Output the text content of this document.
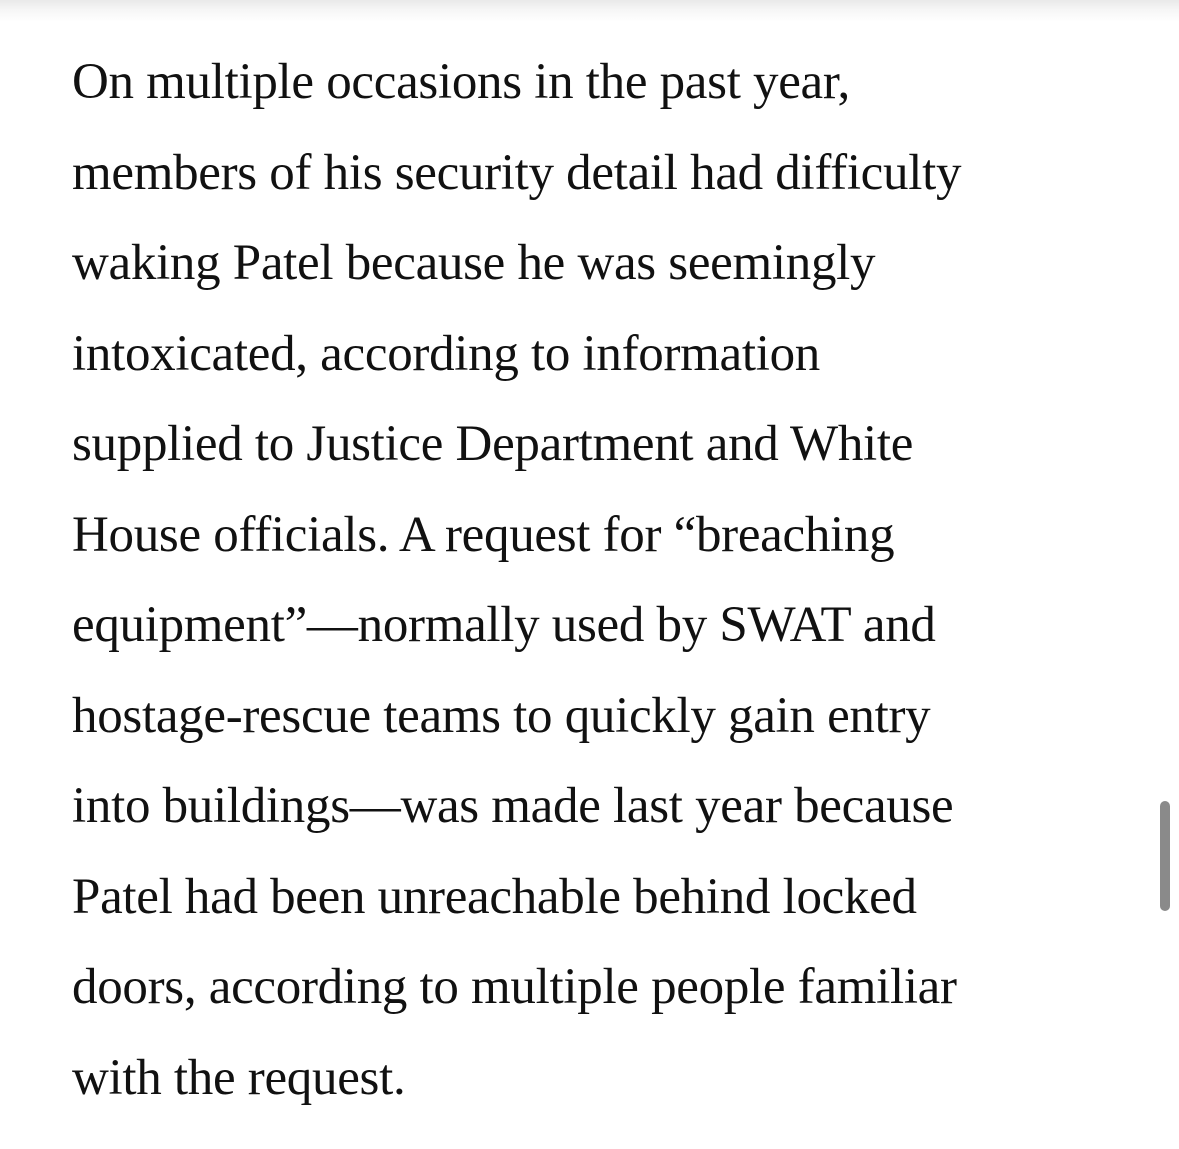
On multiple occasions in the past year,
members of his security detail had difficulty
waking Patel because he was seemingly
intoxicated, according to information
supplied to Justice Department and White
House officials. A request for “breaching
equipment”—normally used by SWAT and
hostage-rescue teams to quickly gain entry
into buildings—was made last year because
Patel had been unreachable behind locked
doors, according to multiple people familiar
with the request.
